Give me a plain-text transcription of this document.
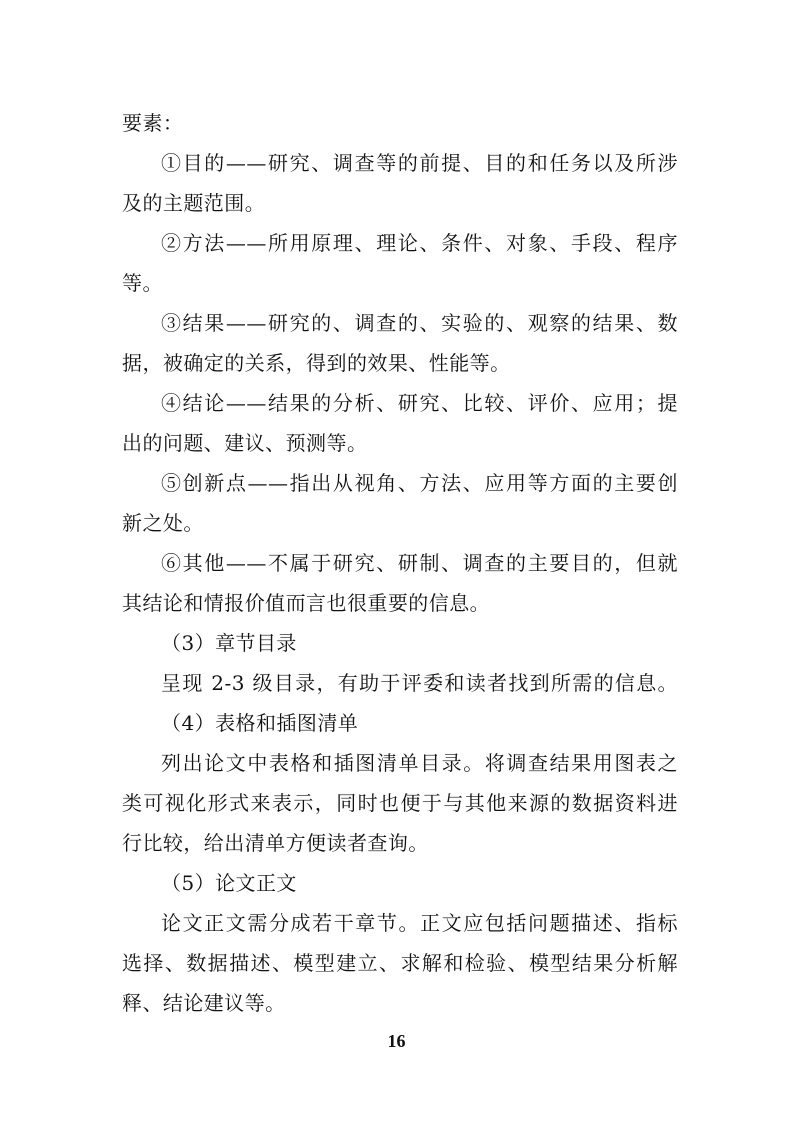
要素：
①目的——研究、调查等的前提、目的和任务以及所涉
及的主题范围。
②方法——所用原理、理论、条件、对象、手段、程序
等。
③结果——研究的、调查的、实验的、观察的结果、数
据，被确定的关系，得到的效果、性能等。
④结论——结果的分析、研究、比较、评价、应用；提
出的问题、建议、预测等。
⑤创新点——指出从视角、方法、应用等方面的主要创
新之处。
⑥其他——不属于研究、研制、调查的主要目的，但就
其结论和情报价值而言也很重要的信息。
（3）章节目录
呈现 2-3 级目录，有助于评委和读者找到所需的信息。
（4）表格和插图清单
列出论文中表格和插图清单目录。将调查结果用图表之
类可视化形式来表示，同时也便于与其他来源的数据资料进
行比较，给出清单方便读者查询。
（5）论文正文
论文正文需分成若干章节。正文应包括问题描述、指标
选择、数据描述、模型建立、求解和检验、模型结果分析解
释、结论建议等。
16
